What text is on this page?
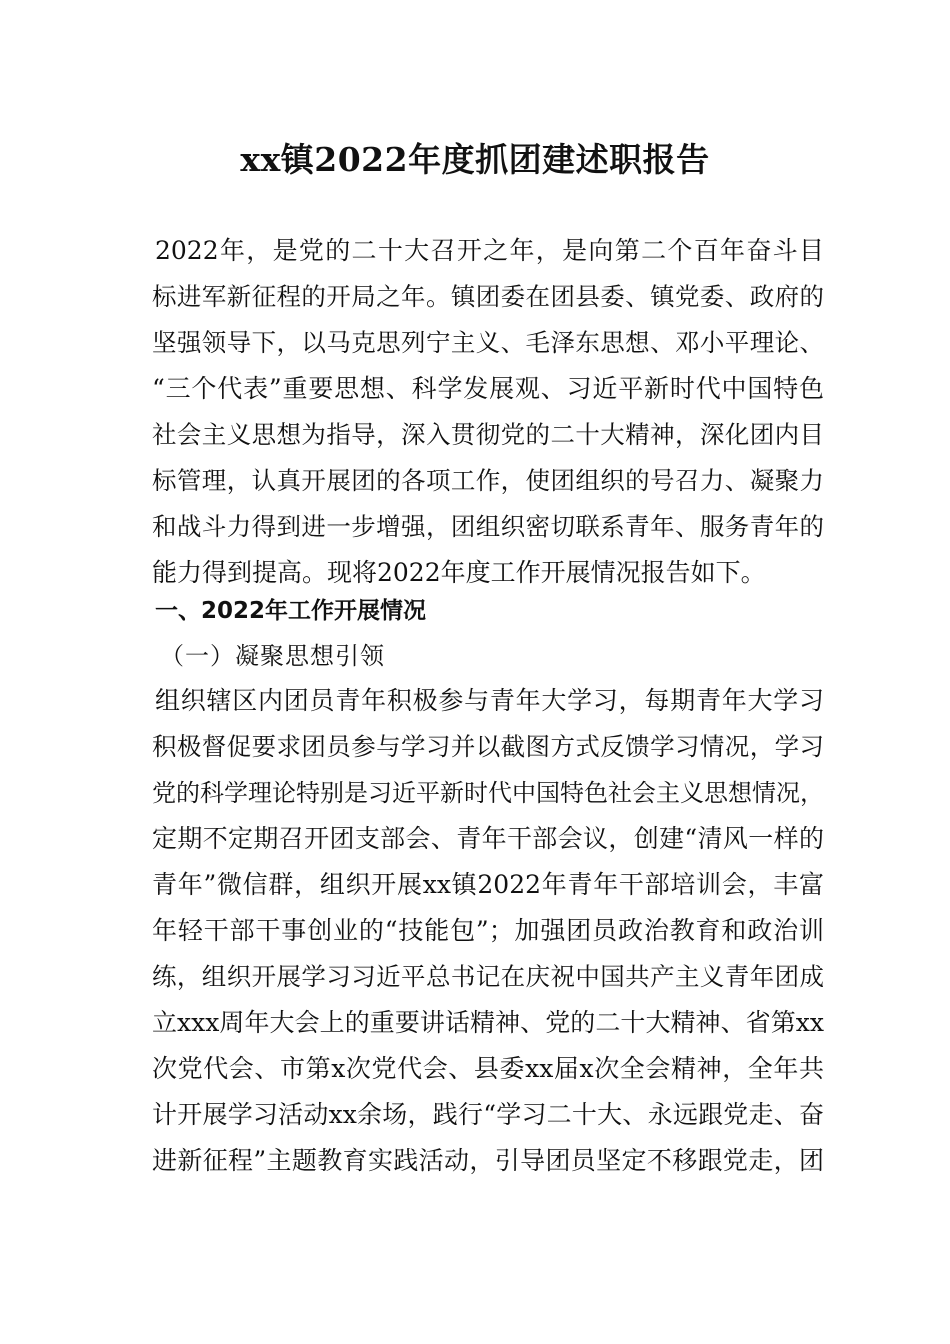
xx镇2022年度抓团建述职报告
2022年，是党的二十大召开之年，是向第二个百年奋斗目
标进军新征程的开局之年。镇团委在团县委、镇党委、政府的
坚强领导下，以马克思列宁主义、毛泽东思想、邓小平理论、
“三个代表”重要思想、科学发展观、习近平新时代中国特色
社会主义思想为指导，深入贯彻党的二十大精神，深化团内目
标管理，认真开展团的各项工作，使团组织的号召力、凝聚力
和战斗力得到进一步增强，团组织密切联系青年、服务青年的
能力得到提高。现将2022年度工作开展情况报告如下。
一、2022年工作开展情况
（一）凝聚思想引领
组织辖区内团员青年积极参与青年大学习，每期青年大学习
积极督促要求团员参与学习并以截图方式反馈学习情况，学习
党的科学理论特别是习近平新时代中国特色社会主义思想情况，
定期不定期召开团支部会、青年干部会议，创建“清风一样的
青年”微信群，组织开展xx镇2022年青年干部培训会，丰富
年轻干部干事创业的“技能包”；加强团员政治教育和政治训
练，组织开展学习习近平总书记在庆祝中国共产主义青年团成
立xxx周年大会上的重要讲话精神、党的二十大精神、省第xx
次党代会、市第x次党代会、县委xx届x次全会精神，全年共
计开展学习活动xx余场，践行“学习二十大、永远跟党走、奋
进新征程”主题教育实践活动，引导团员坚定不移跟党走，团
